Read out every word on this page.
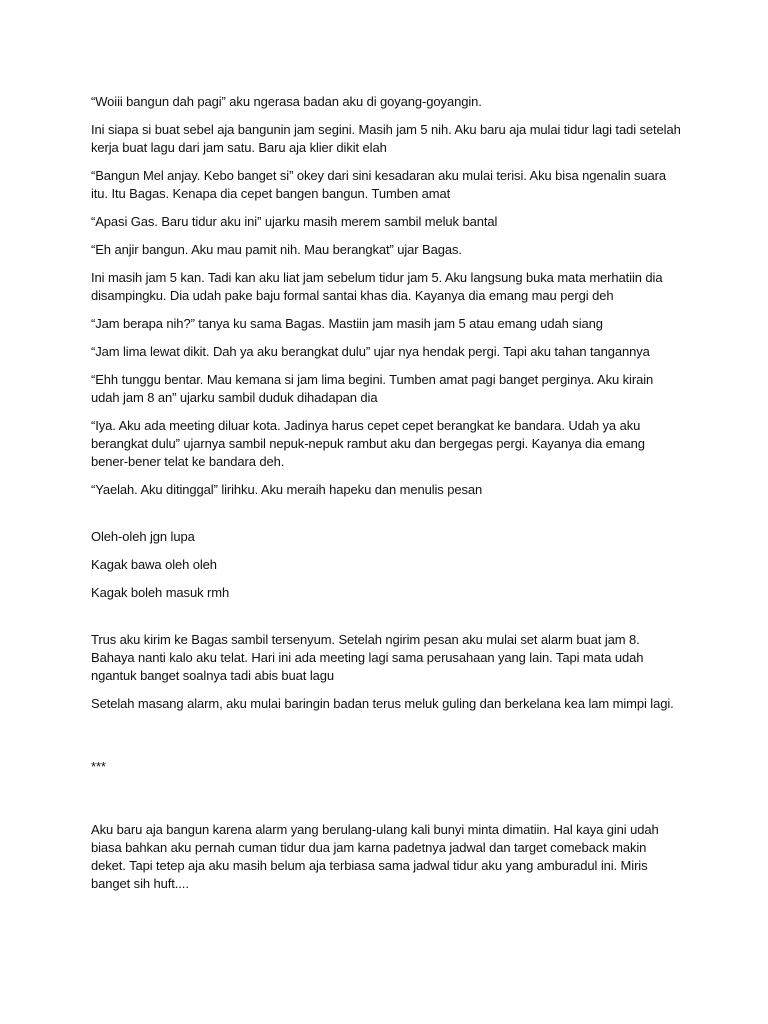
“Woiii bangun dah pagi” aku ngerasa badan aku di goyang-goyangin.

Ini siapa si buat sebel aja bangunin jam segini. Masih jam 5 nih. Aku baru aja mulai tidur lagi tadi setelah kerja buat lagu dari jam satu. Baru aja klier dikit elah

“Bangun Mel anjay. Kebo banget si” okey dari sini kesadaran aku mulai terisi. Aku bisa ngenalin suara itu. Itu Bagas. Kenapa dia cepet bangen bangun. Tumben amat

“Apasi Gas. Baru tidur aku ini” ujarku masih merem sambil meluk bantal

“Eh anjir bangun. Aku mau pamit nih. Mau berangkat” ujar Bagas.

Ini masih jam 5 kan. Tadi kan aku liat jam sebelum tidur jam 5. Aku langsung buka mata merhatiin dia disampingku. Dia udah pake baju formal santai khas dia. Kayanya dia emang mau pergi deh

“Jam berapa nih?” tanya ku sama Bagas. Mastiin jam masih jam 5 atau emang udah siang

“Jam lima lewat dikit. Dah ya aku berangkat dulu” ujar nya hendak pergi. Tapi aku tahan tangannya

“Ehh tunggu bentar. Mau kemana si jam lima begini. Tumben amat pagi banget perginya. Aku kirain udah jam 8 an” ujarku sambil duduk dihadapan dia

“Iya. Aku ada meeting diluar kota. Jadinya harus cepet cepet berangkat ke bandara. Udah ya aku berangkat dulu” ujarnya sambil nepuk-nepuk rambut aku dan bergegas pergi. Kayanya dia emang bener-bener telat ke bandara deh.

“Yaelah. Aku ditinggal” lirihku. Aku meraih hapeku dan menulis pesan

Oleh-oleh jgn lupa

Kagak bawa oleh oleh

Kagak boleh masuk rmh

Trus aku kirim ke Bagas sambil tersenyum. Setelah ngirim pesan aku mulai set alarm buat jam 8. Bahaya nanti kalo aku telat. Hari ini ada meeting lagi sama perusahaan yang lain. Tapi mata udah ngantuk banget soalnya tadi abis buat lagu

Setelah masang alarm, aku mulai baringin badan terus meluk guling dan berkelana kea lam mimpi lagi.

***

Aku baru aja bangun karena alarm yang berulang-ulang kali bunyi minta dimatiin. Hal kaya gini udah biasa bahkan aku pernah cuman tidur dua jam karna padetnya jadwal dan target comeback makin deket. Tapi tetep aja aku masih belum aja terbiasa sama jadwal tidur aku yang amburadul ini. Miris banget sih huft....
